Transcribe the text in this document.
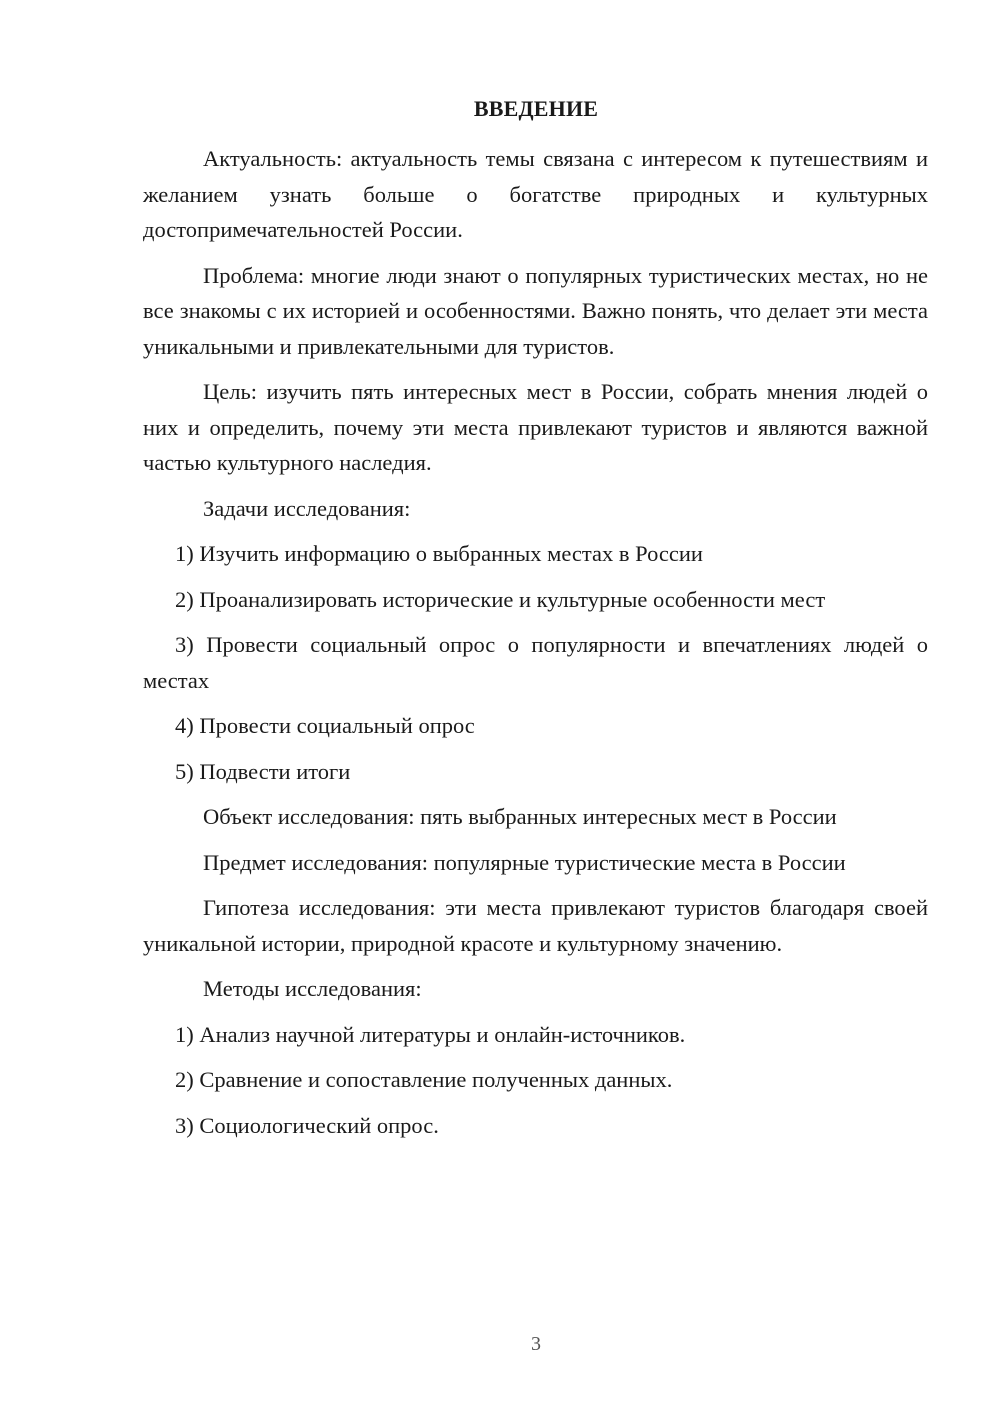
ВВЕДЕНИЕ

Актуальность: актуальность темы связана с интересом к путешествиям и желанием узнать больше о богатстве природных и культурных достопримечательностей России.

Проблема: многие люди знают о популярных туристических местах, но не все знакомы с их историей и особенностями. Важно понять, что делает эти места уникальными и привлекательными для туристов.

Цель: изучить пять интересных мест в России, собрать мнения людей о них и определить, почему эти места привлекают туристов и являются важной частью культурного наследия.

Задачи исследования:

1) Изучить информацию о выбранных местах в России

2) Проанализировать исторические и культурные особенности мест

3) Провести социальный опрос о популярности и впечатлениях людей о местах

4) Провести социальный опрос

5) Подвести итоги

Объект исследования: пять выбранных интересных мест в России

Предмет исследования: популярные туристические места в России

Гипотеза исследования: эти места привлекают туристов благодаря своей уникальной истории, природной красоте и культурному значению.

Методы исследования:

1) Анализ научной литературы и онлайн-источников.

2) Сравнение и сопоставление полученных данных.

3) Социологический опрос.

3
